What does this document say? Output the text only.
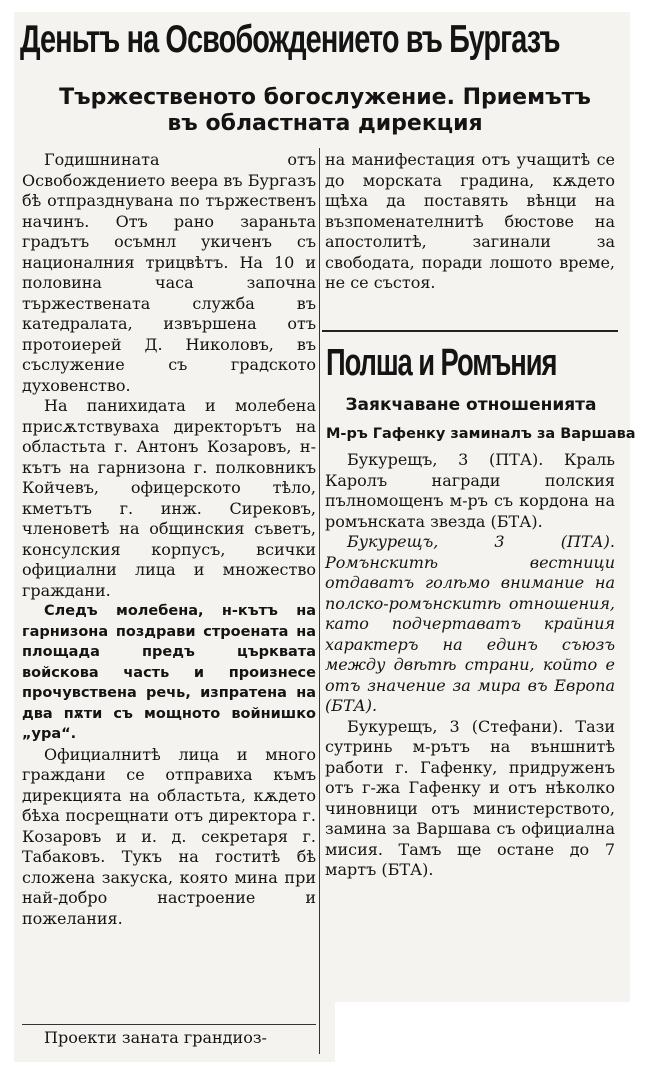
Деньтъ на Освобождението въ Бургазъ
Тържественото богослужение. Приемътъ
въ областната дирекция

Годишнината отъ Освобождението веера въ Бургазъ бѣ отпразднувана по тържественъ начинъ. Отъ рано зараньта градътъ осъмнл укиченъ съ националния трицвѣтъ. На 10 и половина часа започна тържествената служба въ катедралата, извършена отъ протоиерей Д. Николовъ, въ съслужение съ градското духовенство.

На панихидата и молебена присѫтствуваха директорътъ на областьта г. Антонъ Козаровъ, н-кътъ на гарнизона г. полковникъ Койчевъ, офицерското тѣло, кметътъ г. инж. Сирековъ, членоветѣ на общинския съветъ, консулския корпусъ, всички официални лица и множество граждани.

Следъ молебена, н-кътъ на гарнизона поздрави строената на площада предъ църквата войскова часть и произнесе прочувствена речь, изпратена на два пѫти съ мощното войнишко „ура“.

Официалнитѣ лица и много граждани се отправиха къмъ дирекцията на областьта, кѫдето бѣха посрещнати отъ директора г. Козаровъ и и. д. секретаря г. Табаковъ. Тукъ на гоститѣ бѣ сложена закуска, която мина при най-добро настроение и пожелания.

Проекти занатa грандиоз-

на манифестация отъ учащитѣ се до морската градина, кѫдето щѣха да поставять вѣнци на възпоменателнитѣ бюстове на апостолитѣ, загинали за свободата, поради лошото време, не се състоя.

Полша и Ромъния
Заякчаване отношенията
М-ръ Гафенку заминалъ за Варшава

Букурещъ, 3 (ПТА). Краль Каролъ награди полския пълномощенъ м-ръ съ кордона на ромънската звезда (БТА).

Букурещъ, 3 (ПТА). Ромънскитѣ вестници отдаватъ голѣмо внимание на полско-ромънскитѣ отношения, като подчертаватъ крайния характеръ на единъ съюзъ между двѣтѣ страни, който е отъ значение за мира въ Европа (БТА).

Букурещъ, 3 (Стефани). Тази сутринь м-рътъ на външнитѣ работи г. Гафенку, придруженъ отъ г-жа Гафенку и отъ нѣколко чиновници отъ министерството, замина за Варшава съ официална мисия. Тамъ ще остане до 7 мартъ (БТА).
